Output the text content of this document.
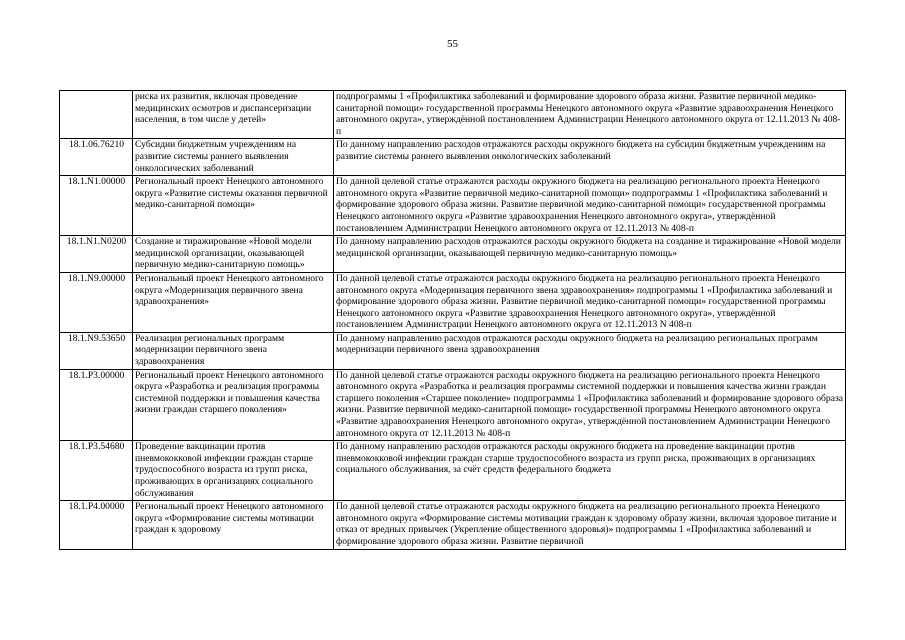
55
	риска их развития, включая проведение медицинских осмотров и диспансеризации населения, в том числе у детей»	подпрограммы 1 «Профилактика заболеваний и формирование здорового образа жизни. Развитие первичной медико-санитарной помощи» государственной программы Ненецкого автономного округа «Развитие здравоохранения Ненецкого автономного округа», утверждённой постановлением Администрации Ненецкого автономного округа от 12.11.2013 № 408-п
18.1.06.76210	Субсидии бюджетным учреждениям на развитие системы раннего выявления онкологических заболеваний	По данному направлению расходов отражаются расходы окружного бюджета на субсидии бюджетным учреждениям на развитие системы раннего выявления онкологических заболеваний
18.1.N1.00000	Региональный проект Ненецкого автономного округа «Развитие системы оказания первичной медико-санитарной помощи»	По данной целевой статье отражаются расходы окружного бюджета на реализацию регионального проекта Ненецкого автономного округа «Развитие первичной медико-санитарной помощи» подпрограммы 1 «Профилактика заболеваний и формирование здорового образа жизни. Развитие первичной медико-санитарной помощи» государственной программы Ненецкого автономного округа «Развитие здравоохранения Ненецкого автономного округа», утверждённой постановлением Администрации Ненецкого автономного округа от 12.11.2013 № 408-п
18.1.N1.N0200	Создание и тиражирование «Новой модели медицинской организации, оказывающей первичную медико-санитарную помощь»	По данному направлению расходов отражаются расходы окружного бюджета на создание и тиражирование «Новой модели медицинской организации, оказывающей первичную медико-санитарную помощь»
18.1.N9.00000	Региональный проект Ненецкого автономного округа «Модернизация первичного звена здравоохранения»	По данной целевой статье отражаются расходы окружного бюджета на реализацию регионального проекта Ненецкого автономного округа «Модернизация первичного звена здравоохранения» подпрограммы 1 «Профилактика заболеваний и формирование здорового образа жизни. Развитие первичной медико-санитарной помощи» государственной программы Ненецкого автономного округа «Развитие здравоохранения Ненецкого автономного округа», утверждённой постановлением Администрации Ненецкого автономного округа от 12.11.2013 N 408-п
18.1.N9.53650	Реализация региональных программ модернизации первичного звена здравоохранения	По данному направлению расходов отражаются расходы окружного бюджета на реализацию региональных программ модернизации первичного звена здравоохранения
18.1.P3.00000	Региональный проект Ненецкого автономного округа «Разработка и реализация программы системной поддержки и повышения качества жизни граждан старшего поколения»	По данной целевой статье отражаются расходы окружного бюджета на реализацию регионального проекта Ненецкого автономного округа «Разработка и реализация программы системной поддержки и повышения качества жизни граждан старшего поколения «Старшее поколение» подпрограммы 1 «Профилактика заболеваний и формирование здорового образа жизни. Развитие первичной медико-санитарной помощи» государственной программы Ненецкого автономного округа «Развитие здравоохранения Ненецкого автономного округа», утверждённой постановлением Администрации Ненецкого автономного округа от 12.11.2013 № 408-п
18.1.P3.54680	Проведение вакцинации против пневмококковой инфекции граждан старше трудоспособного возраста из групп риска, проживающих в организациях социального обслуживания	По данному направлению расходов отражаются расходы окружного бюджета на проведение вакцинации против пневмококковой инфекции граждан старше трудоспособного возраста из групп риска, проживающих в организациях социального обслуживания, за счёт средств федерального бюджета
18.1.P4.00000	Региональный проект Ненецкого автономного округа «Формирование системы мотивации граждан к здоровому	По данной целевой статье отражаются расходы окружного бюджета на реализацию регионального проекта Ненецкого автономного округа «Формирование системы мотивации граждан к здоровому образу жизни, включая здоровое питание и отказ от вредных привычек (Укрепление общественного здоровья)» подпрограммы 1 «Профилактика заболеваний и формирование здорового образа жизни. Развитие первичной
